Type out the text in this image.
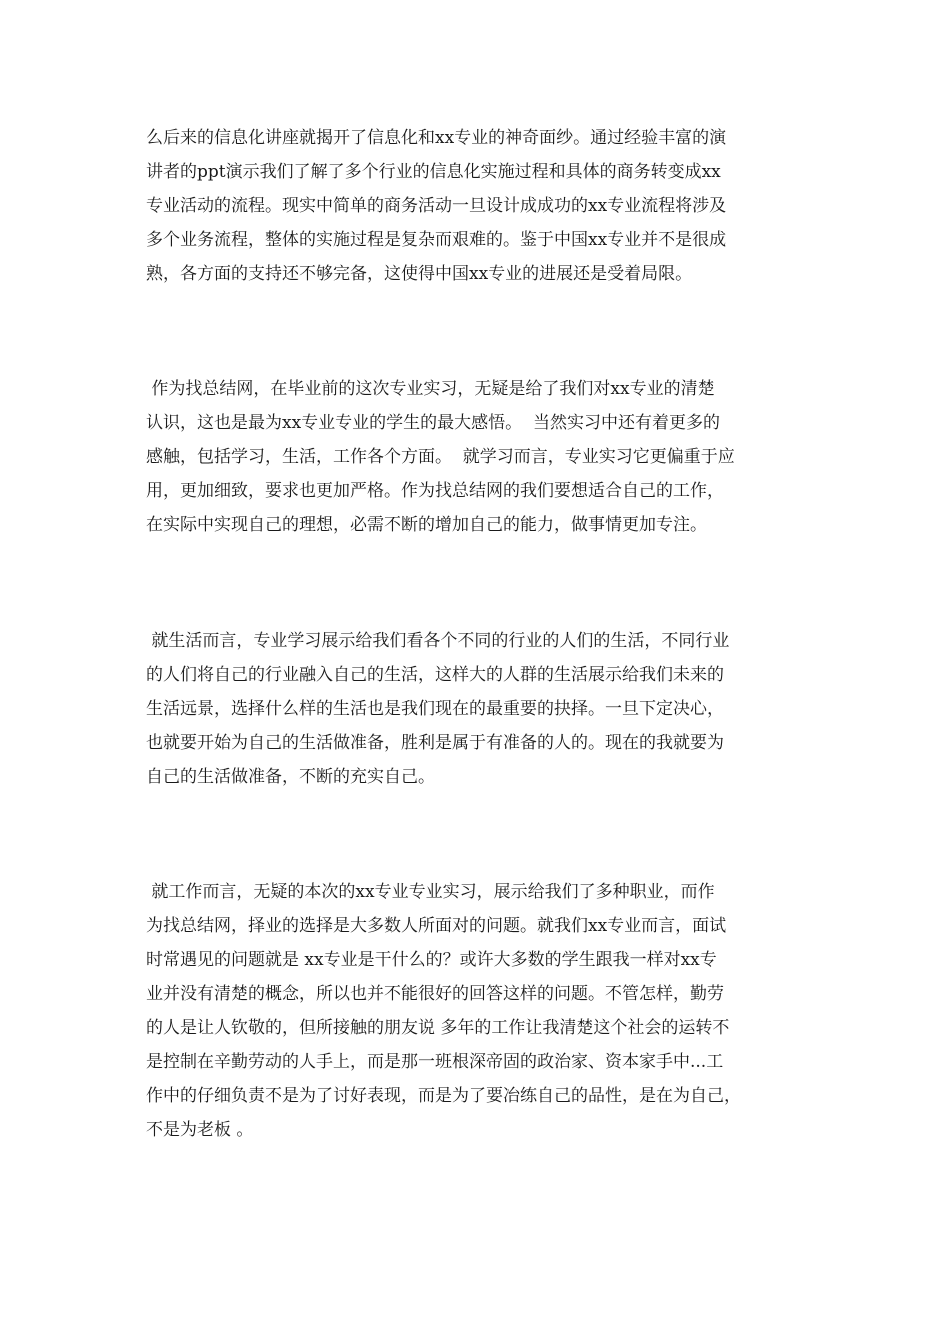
么后来的信息化讲座就揭开了信息化和xx专业的神奇面纱。通过经验丰富的演
讲者的ppt演示我们了解了多个行业的信息化实施过程和具体的商务转变成xx
专业活动的流程。现实中简单的商务活动一旦设计成成功的xx专业流程将涉及
多个业务流程，整体的实施过程是复杂而艰难的。鉴于中国xx专业并不是很成
熟，各方面的支持还不够完备，这使得中国xx专业的进展还是受着局限。
作为找总结网，在毕业前的这次专业实习，无疑是给了我们对xx专业的清楚
认识，这也是最为xx专业专业的学生的最大感悟。  当然实习中还有着更多的
感触，包括学习，生活，工作各个方面。  就学习而言，专业实习它更偏重于应
用，更加细致，要求也更加严格。作为找总结网的我们要想适合自己的工作，
在实际中实现自己的理想，必需不断的增加自己的能力，做事情更加专注。
就生活而言，专业学习展示给我们看各个不同的行业的人们的生活，不同行业
的人们将自己的行业融入自己的生活，这样大的人群的生活展示给我们未来的
生活远景，选择什么样的生活也是我们现在的最重要的抉择。一旦下定决心，
也就要开始为自己的生活做准备，胜利是属于有准备的人的。现在的我就要为
自己的生活做准备，不断的充实自己。
就工作而言，无疑的本次的xx专业专业实习，展示给我们了多种职业，而作
为找总结网，择业的选择是大多数人所面对的问题。就我们xx专业而言，面试
时常遇见的问题就是 xx专业是干什么的？或许大多数的学生跟我一样对xx专
业并没有清楚的概念，所以也并不能很好的回答这样的问题。不管怎样，勤劳
的人是让人钦敬的，但所接触的朋友说 多年的工作让我清楚这个社会的运转不
是控制在辛勤劳动的人手上，而是那一班根深帝固的政治家、资本家手中...工
作中的仔细负责不是为了讨好表现，而是为了要冶练自己的品性，是在为自己，
不是为老板 。
